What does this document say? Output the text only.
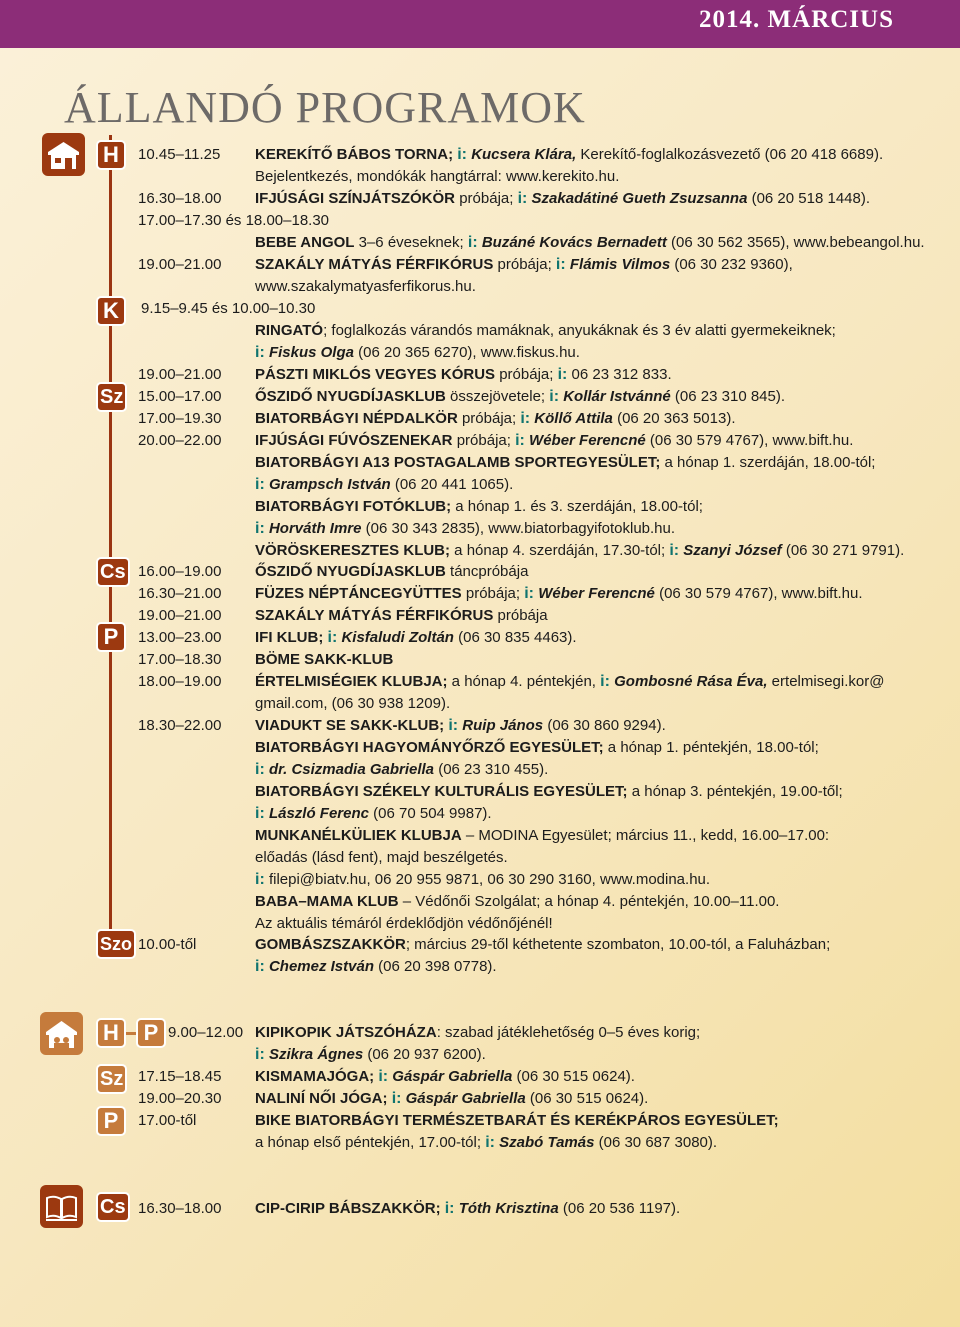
2014. MÁRCIUS
ÁLLANDÓ PROGRAMOK
H
K
Sz
Cs
P
Szo
10.45–11.25
16.30–18.00
17.00–17.30 és 18.00–18.30
19.00–21.00
9.15–9.45 és 10.00–10.30
19.00–21.00
15.00–17.00
17.00–19.30
20.00–22.00
16.00–19.00
16.30–21.00
19.00–21.00
13.00–23.00
17.00–18.30
18.00–19.00
18.30–22.00
10.00-től
KEREKÍTŐ BÁBOS TORNA; i: Kucsera Klára, Kerekítő-foglalkozásvezető (06 20 418 6689).
Bejelentkezés, mondókák hangtárral: www.kerekito.hu.
IFJÚSÁGI SZÍNJÁTSZÓKÖR próbája; i: Szakadátiné Gueth Zsuzsanna (06 20 518 1448).
BEBE ANGOL 3–6 éveseknek; i: Buzáné Kovács Bernadett (06 30 562 3565), www.bebeangol.hu.
SZAKÁLY MÁTYÁS FÉRFIKÓRUS próbája; i: Flámis Vilmos (06 30 232 9360),
www.szakalymatyasferfikorus.hu.
RINGATÓ; foglalkozás várandós mamáknak, anyukáknak és 3 év alatti gyermekeiknek;
i: Fiskus Olga (06 20 365 6270), www.fiskus.hu.
PÁSZTI MIKLÓS VEGYES KÓRUS próbája; i: 06 23 312 833.
ŐSZIDŐ NYUGDÍJASKLUB összejövetele; i: Kollár Istvánné (06 23 310 845).
BIATORBÁGYI NÉPDALKÖR próbája; i: Köllő Attila (06 20 363 5013).
IFJÚSÁGI FÚVÓSZENEKAR próbája; i: Wéber Ferencné (06 30 579 4767), www.bift.hu.
BIATORBÁGYI A13 POSTAGALAMB SPORTEGYESÜLET; a hónap 1. szerdáján, 18.00-tól;
i: Grampsch István (06 20 441 1065).
BIATORBÁGYI FOTÓKLUB; a hónap 1. és 3. szerdáján, 18.00-tól;
i: Horváth Imre (06 30 343 2835), www.biatorbagyifotoklub.hu.
VÖRÖSKERESZTES KLUB; a hónap 4. szerdáján, 17.30-tól; i: Szanyi József (06 30 271 9791).
ŐSZIDŐ NYUGDÍJASKLUB táncpróbája
FÜZES NÉPTÁNCEGYÜTTES próbája; i: Wéber Ferencné (06 30 579 4767), www.bift.hu.
SZAKÁLY MÁTYÁS FÉRFIKÓRUS próbája
IFI KLUB; i: Kisfaludi Zoltán (06 30 835 4463).
BÖME SAKK-KLUB
ÉRTELMISÉGIEK KLUBJA; a hónap 4. péntekjén, i: Gombosné Rása Éva, ertelmisegi.kor@
gmail.com, (06 30 938 1209).
VIADUKT SE SAKK-KLUB; i: Ruip János (06 30 860 9294).
BIATORBÁGYI HAGYOMÁNYŐRZŐ EGYESÜLET; a hónap 1. péntekjén, 18.00-tól;
i: dr. Csizmadia Gabriella (06 23 310 455).
BIATORBÁGYI SZÉKELY KULTURÁLIS EGYESÜLET; a hónap 3. péntekjén, 19.00-től;
i: László Ferenc (06 70 504 9987).
MUNKANÉLKÜLIEK KLUBJA – MODINA Egyesület; március 11., kedd, 16.00–17.00:
előadás (lásd fent), majd beszélgetés.
i: filepi@biatv.hu, 06 20 955 9871, 06 30 290 3160, www.modina.hu.
BABA–MAMA KLUB – Védőnői Szolgálat; a hónap 4. péntekjén, 10.00–11.00.
Az aktuális témáról érdeklődjön védőnőjénél!
GOMBÁSZSZAKKÖR; március 29-től kéthetente szombaton, 10.00-tól, a Faluházban;
i: Chemez István (06 20 398 0778).
H	P
Sz
P
9.00–12.00 KIPIKOPIK JÁTSZÓHÁZA: szabad játéklehetőség 0–5 éves korig;
i: Szikra Ágnes (06 20 937 6200).
17.15–18.45 KISMAMAJÓGA; i: Gáspár Gabriella (06 30 515 0624).
19.00–20.30 NALINÍ NŐI JÓGA; i: Gáspár Gabriella (06 30 515 0624).
17.00-től	BIKE BIATORBÁGYI TERMÉSZETBARÁT ÉS KERÉKPÁROS EGYESÜLET;
a hónap első péntekjén, 17.00-tól; i: Szabó Tamás (06 30 687 3080).
Cs 16.30–18.00 CIP-CIRIP BÁBSZAKKÖR; i: Tóth Krisztina (06 20 536 1197).
